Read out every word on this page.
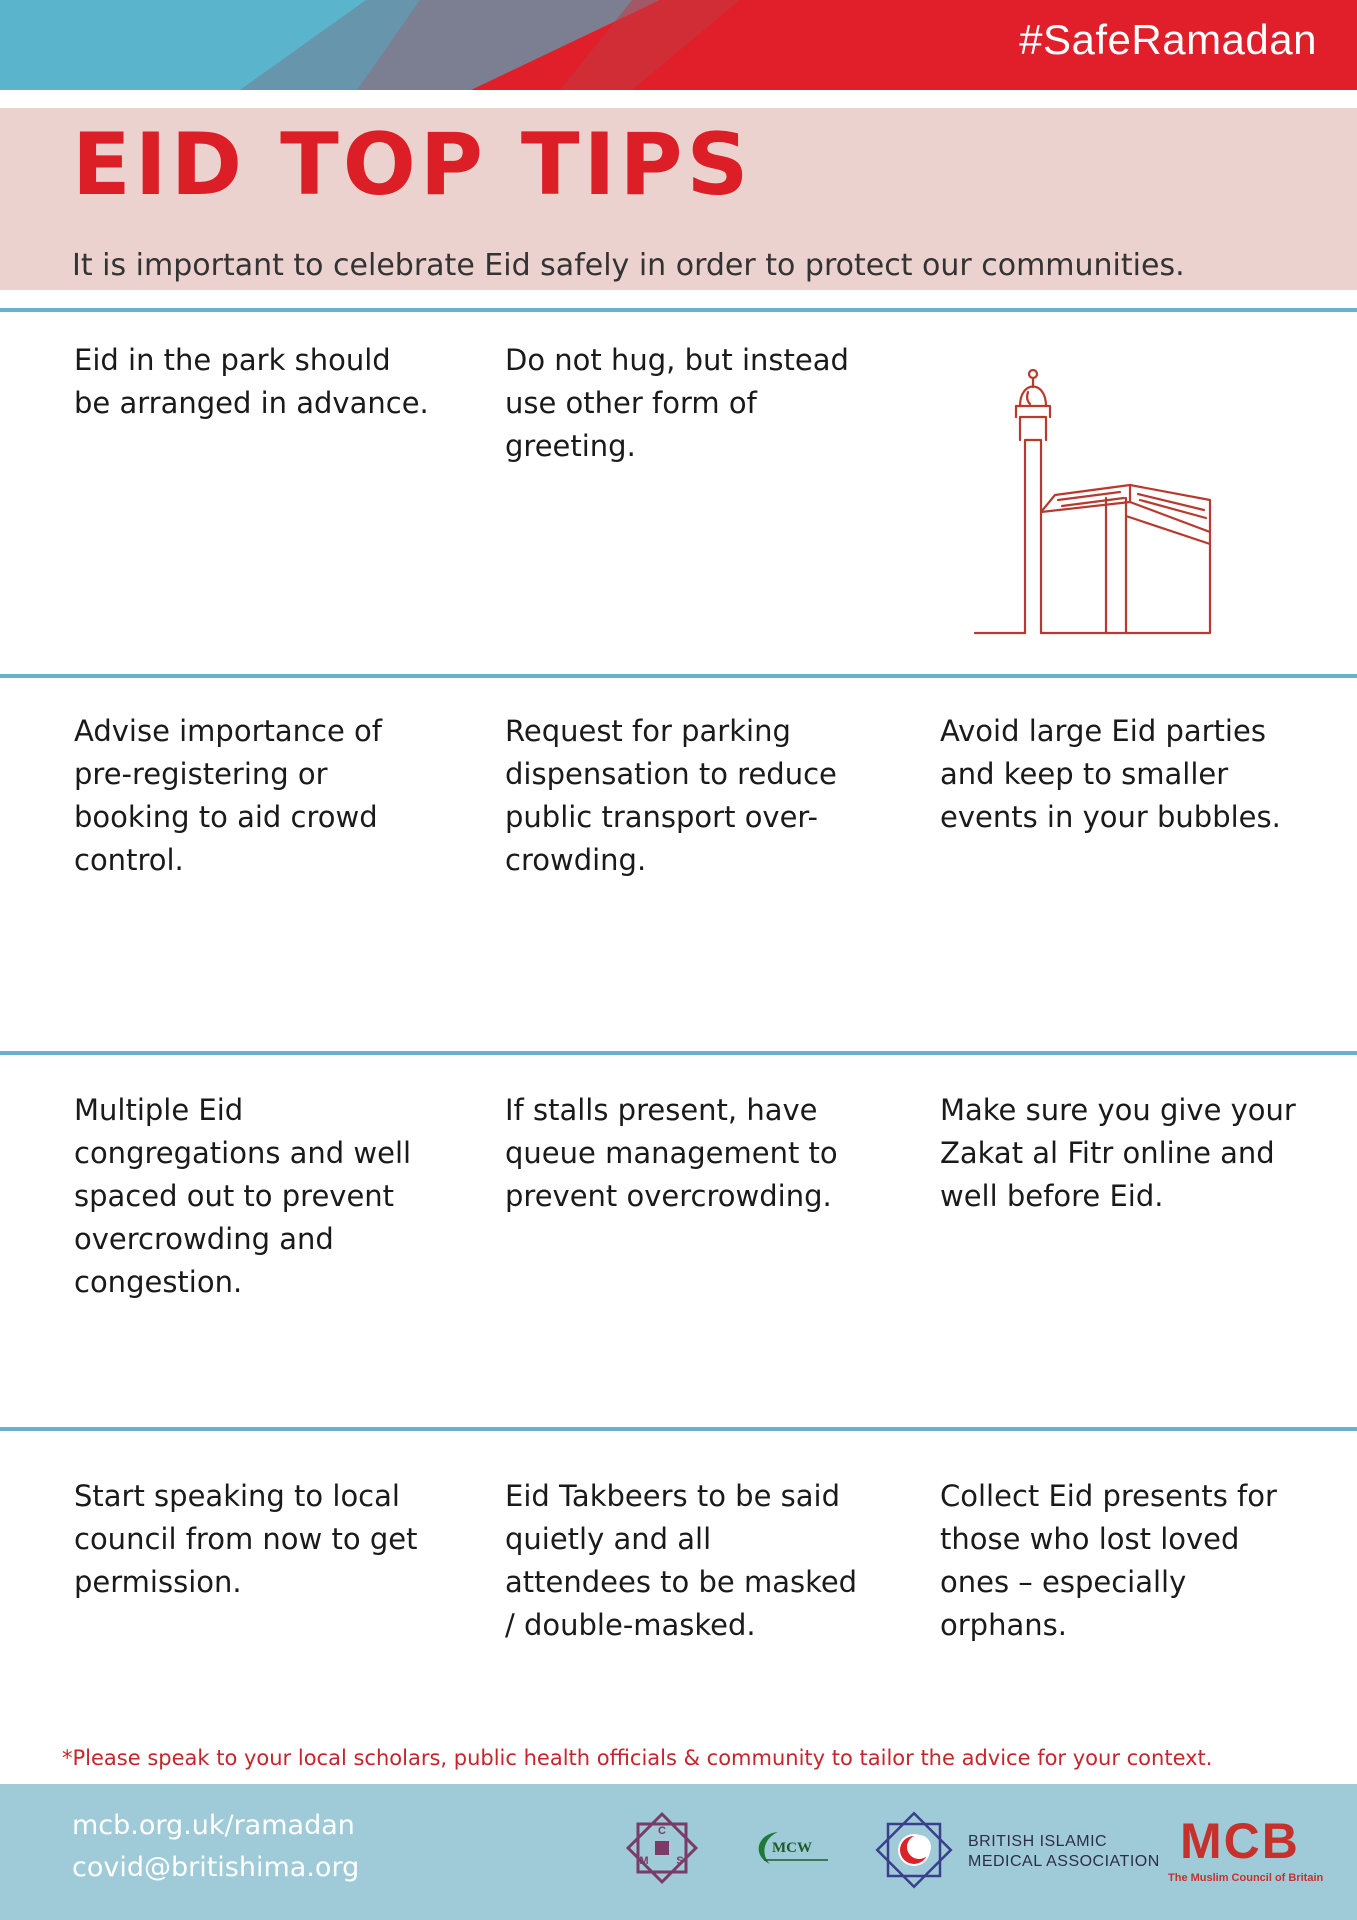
#SafeRamadan
EID TOP TIPS

It is important to celebrate Eid safely in order to protect our communities.

Eid in the park should be arranged in advance.

Do not hug, but instead use other form of greeting.

Advise importance of pre-registering or booking to aid crowd control.

Request for parking dispensation to reduce public transport over-crowding.

Avoid large Eid parties and keep to smaller events in your bubbles.

Multiple Eid congregations and well spaced out to prevent overcrowding and congestion.

If stalls present, have queue management to prevent overcrowding.

Make sure you give your Zakat al Fitr online and well before Eid.

Start speaking to local council from now to get permission.

Eid Takbeers to be said quietly and all attendees to be masked / double-masked.

Collect Eid presents for those who lost loved ones – especially orphans.

*Please speak to your local scholars, public health officials & community to tailor the advice for your context.

mcb.org.uk/ramadan
covid@britishima.org
C
M	S
MCW	BRITISH ISLAMIC
MEDICAL ASSOCIATION MCB

The Muslim Council of Britain
